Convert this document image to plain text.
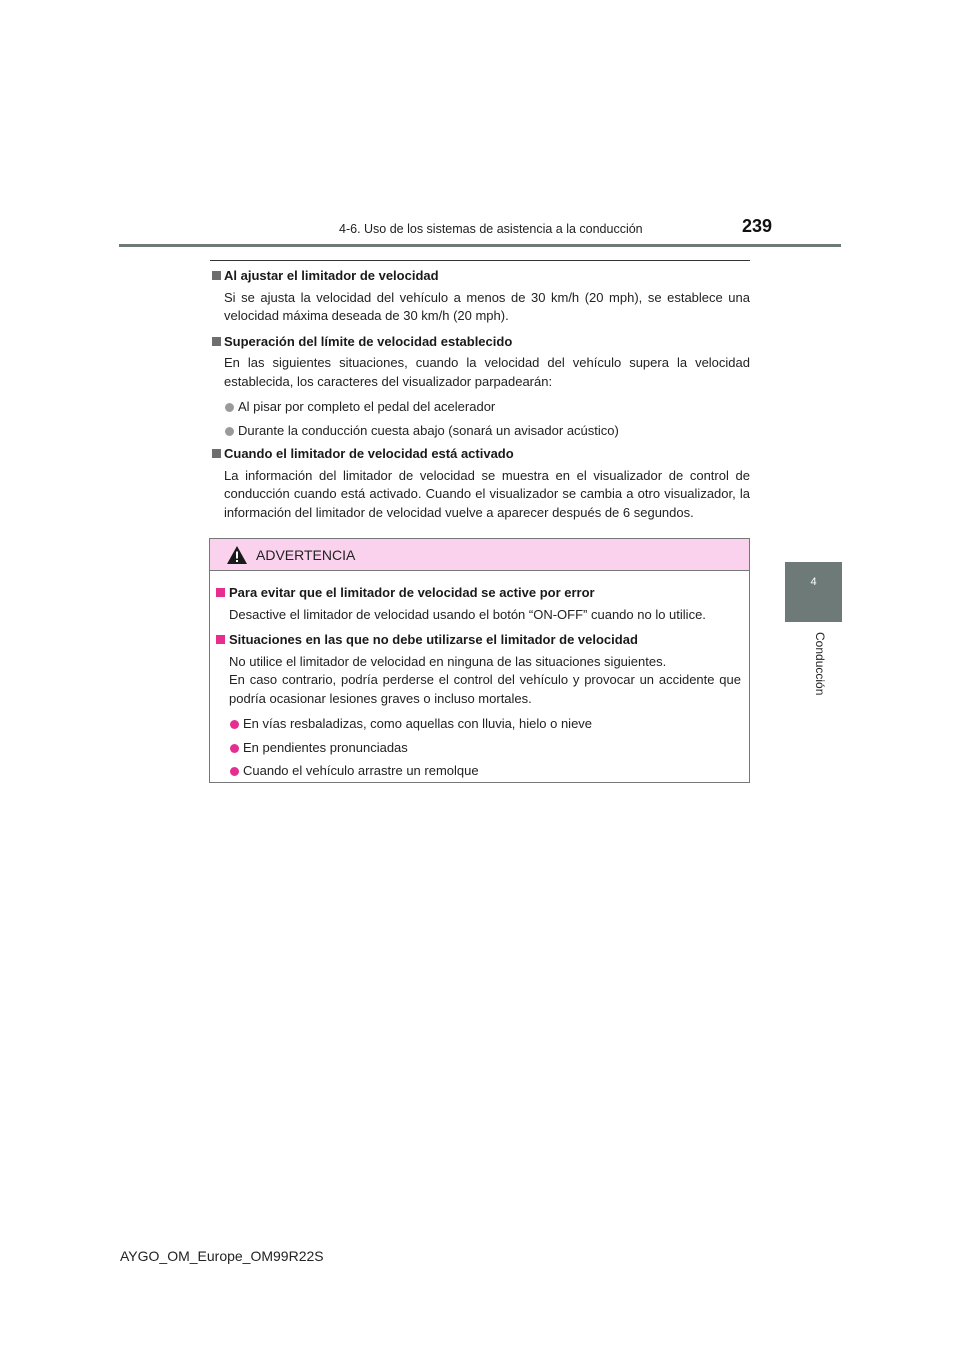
4-6. Uso de los sistemas de asistencia a la conducción	239
4
Conducción
Al ajustar el limitador de velocidad
Si se ajusta la velocidad del vehículo a menos de 30 km/h (20 mph), se establece una velocidad máxima deseada de 30 km/h (20 mph).
Superación del límite de velocidad establecido
En las siguientes situaciones, cuando la velocidad del vehículo supera la velocidad establecida, los caracteres del visualizador parpadearán:
Al pisar por completo el pedal del acelerador
Durante la conducción cuesta abajo (sonará un avisador acústico)
Cuando el limitador de velocidad está activado
La información del limitador de velocidad se muestra en el visualizador de control de conducción cuando está activado. Cuando el visualizador se cambia a otro visualizador, la información del limitador de velocidad vuelve a aparecer después de 6 segundos.
ADVERTENCIA
Para evitar que el limitador de velocidad se active por error
Desactive el limitador de velocidad usando el botón “ON-OFF” cuando no lo utilice.
Situaciones en las que no debe utilizarse el limitador de velocidad
No utilice el limitador de velocidad en ninguna de las situaciones siguientes.
En caso contrario, podría perderse el control del vehículo y provocar un accidente que podría ocasionar lesiones graves o incluso mortales.
En vías resbaladizas, como aquellas con lluvia, hielo o nieve
En pendientes pronunciadas
Cuando el vehículo arrastre un remolque
AYGO_OM_Europe_OM99R22S
